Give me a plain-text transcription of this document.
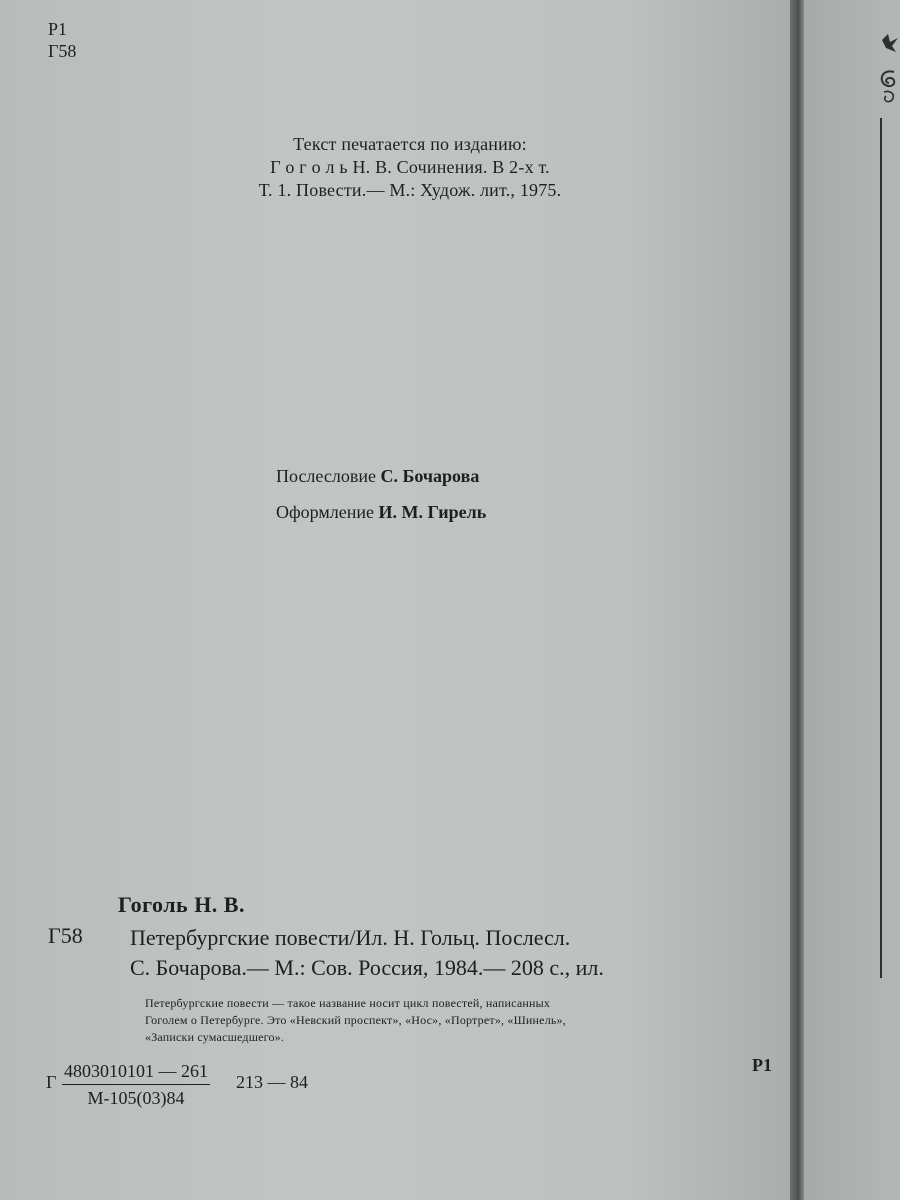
Р1
Г58
Текст печатается по изданию:
Г о г о л ь Н. В. Сочинения. В 2-х т.
Т. 1. Повести.— М.: Худож. лит., 1975.
Послесловие С. Бочарова
Оформление И. М. Гирель
Гоголь Н. В.
Г58 Петербургские повести/Ил. Н. Гольц. Послесл.
С. Бочарова.— М.: Сов. Россия, 1984.— 208 с., ил.
Петербургские повести — такое название носит цикл повестей, написанных
Гоголем о Петербурге. Это «Невский проспект», «Нос», «Портрет», «Шинель»,
«Записки сумасшедшего».
Р1
Г
4803010101 — 261
М-105(03)84
213 — 84
